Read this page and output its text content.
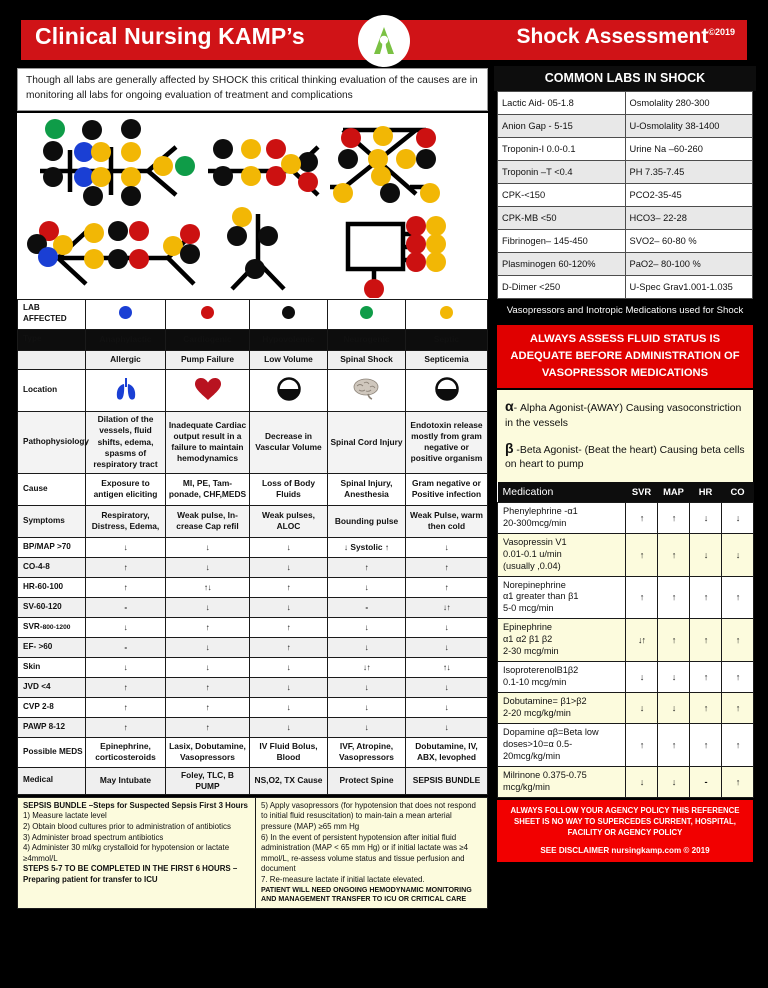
Clinical Nursing KAMP’s	Shock Assessment$^{©2019}$
Though all labs are generally affected by SHOCK this critical thinking evaluation of the causes are in monitoring all labs for ongoing evaluation of treatment and complications
LAB AFFECTED					
Type	Anaphylactic	Cardiogenic	Hypovolemic	Neurogenic	Septic
	Allergic	Pump Failure	Low Volume	Spinal Shock	Septicemia
Location					
Pathophysiology	Dilation of the vessels, fluid shifts, edema, spasms of respiratory tract	Inadequate Cardiac output result in a failure to maintain hemodynamics	Decrease in Vascular Volume	Spinal Cord Injury	Endotoxin release mostly from gram negative or positive organism
Cause	Exposure to antigen eliciting	MI, PE, Tam-ponade, CHF,MEDS	Loss of Body Fluids	Spinal Injury, Anesthesia	Gram negative or Positive infection
Symptoms	Respiratory, Distress, Edema,	Weak pulse, In-crease Cap refil	Weak pulses, ALOC	Bounding pulse	Weak Pulse, warm then cold
BP/MAP >70	↓	↓	↓	↓ Systolic ↑	↓
CO-4-8	↑	↓	↓	↑	↑
HR-60-100	↑	↑↓	↑	↓	↑
SV-60-120	-	↓	↓	-	↓↑
SVR-800-1200	↓	↑	↑	↓	↓
EF- >60	-	↓	↑	↓	↓
Skin	↓	↓	↓	↓↑	↑↓
JVD <4	↑	↑	↓	↓	↓
CVP 2-8	↑	↑	↓	↓	↓
PAWP 8-12	↑	↑	↓	↓	↓
Possible MEDS	Epinephrine, corticosteroids	Lasix, Dobutamine, Vasopressors	IV Fluid Bolus, Blood	IVF, Atropine, Vasopressors	Dobutamine, IV, ABX, levophed
Medical	May Intubate	Foley, TLC, B PUMP	NS,O2, TX Cause	Protect Spine	SEPSIS BUNDLE
SEPSIS BUNDLE –Steps for Suspected Sepsis First 3 Hours
1) Measure lactate level
2) Obtain blood cultures prior to administration of antibiotics
3) Administer broad spectrum antibiotics
4) Administer 30 ml/kg crystalloid for hypotension or lactate ≥4mmol/L
STEPS 5-7 TO BE COMPLETED IN THE FIRST 6 HOURS –Preparing patient for transfer to ICU
5) Apply vasopressors (for hypotension that does not respond to initial fluid resuscitation) to main-tain a mean arterial pressure (MAP) ≥65 mm Hg
6) In the event of persistent hypotension after initial fluid administration (MAP < 65 mm Hg) or if initial lactate was ≥4 mmol/L, re-assess volume status and tissue perfusion and document
7. Re-measure lactate if initial lactate elevated.
PATIENT WILL NEED ONGOING HEMODYNAMIC MONITORING AND MANAGEMENT TRANSFER TO ICU OR CRITICAL CARE
COMMON LABS IN SHOCK
Lactic Aid- 05-1.8	Osmolality 280-300
Anion Gap - 5-15	U-Osmolality 38-1400
Troponin-I 0.0-0.1	Urine Na –60-260
Troponin –T <0.4	PH 7.35-7.45
CPK-<150	PCO2-35-45
CPK-MB <50	HCO3– 22-28
Fibrinogen– 145-450	SVO2– 60-80 %
Plasminogen 60-120%	PaO2– 80-100 %
D-Dimer <250	U-Spec Grav1.001-1.035
Vasopressors and Inotropic Medications used for Shock
ALWAYS ASSESS FLUID STATUS IS ADEQUATE BEFORE ADMINISTRATION OF VASOPRESSOR MEDICATIONS
α- Alpha Agonist-(AWAY) Causing vasoconstriction in the vessels
β -Beta Agonist- (Beat the heart) Causing beta cells on heart to pump
Medication	SVR	MAP	HR	CO
Phenylephrine -α1
20-300mcg/min	↑	↑	↓	↓
Vasopressin V1
0.01-0.1 u/min
(usually ,0.04)	↑	↑	↓	↓
Norepinephrine
α1 greater than β1
5-0 mcg/min	↑	↑	↑	↑
Epinephrine
α1 α2 β1 β2
2-30 mcg/min	↓↑	↑	↑	↑
IsoproterenolB1β2
0.1-10 mcg/min	↓	↓	↑	↑
Dobutamine= β1>β2
2-20 mcg/kg/min	↓	↓	↑	↑
Dopamine αβ=Beta low
doses>10=α 0.5-
20mcg/kg/min	↑	↑	↑	↑
Milrinone 0.375-0.75
mcg/kg/min	↓	↓	-	↑
ALWAYS FOLLOW YOUR AGENCY POLICY THIS REFERENCE SHEET IS NO WAY TO SUPERCEDES CURRENT, HOSPITAL, FACILITY OR AGENCY POLICY
SEE DISCLAIMER nursingkamp.com © 2019
